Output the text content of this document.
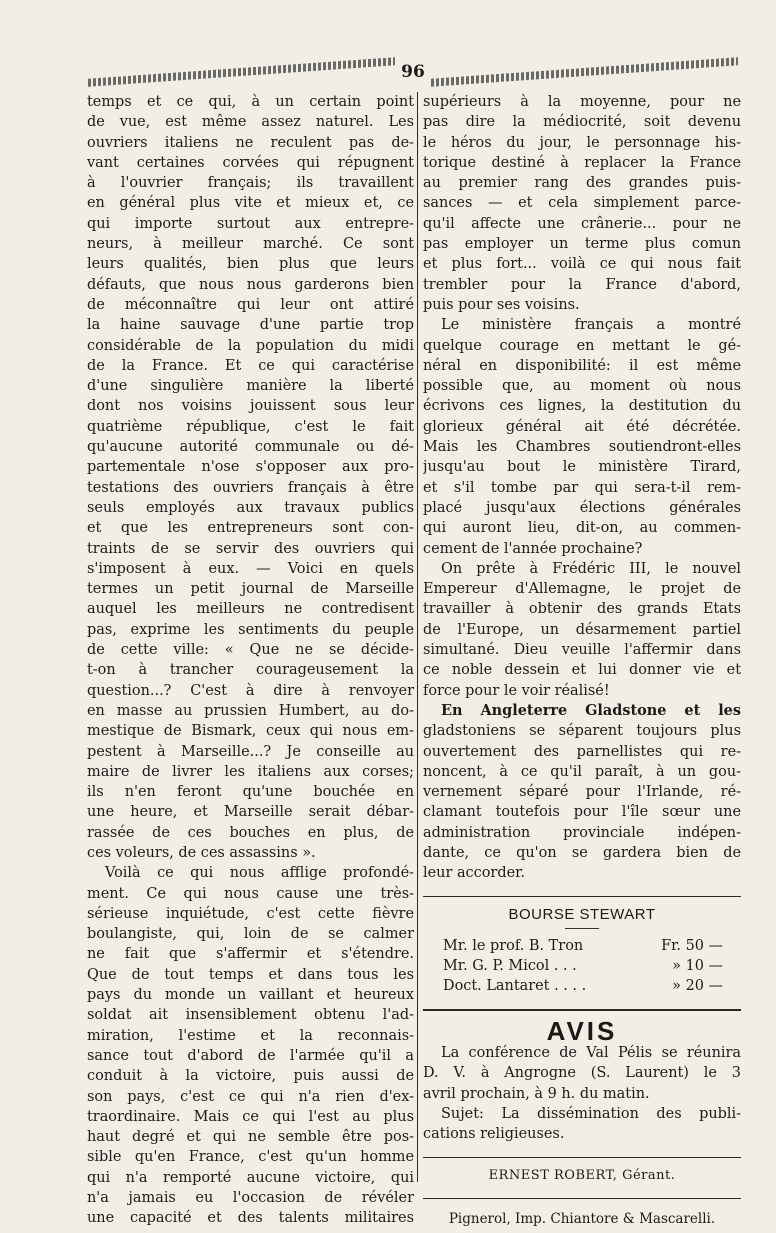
96
temps et ce qui, à un certain point
de vue, est même assez naturel. Les
ouvriers italiens ne reculent pas de-
vant certaines corvées qui répugnent
à l'ouvrier français; ils travaillent
en général plus vite et mieux et, ce
qui importe surtout aux entrepre-
neurs, à meilleur marché. Ce sont
leurs qualités, bien plus que leurs
défauts, que nous nous garderons bien
de méconnaître qui leur ont attiré
la haine sauvage d'une partie trop
considérable de la population du midi
de la France. Et ce qui caractérise
d'une singulière manière la liberté
dont nos voisins jouissent sous leur
quatrième république, c'est le fait
qu'aucune autorité communale ou dé-
partementale n'ose s'opposer aux pro-
testations des ouvriers français à être
seuls employés aux travaux publics
et que les entrepreneurs sont con-
traints de se servir des ouvriers qui
s'imposent à eux. — Voici en quels
termes un petit journal de Marseille
auquel les meilleurs ne contredisent
pas, exprime les sentiments du peuple
de cette ville: « Que ne se décide-
t-on à trancher courageusement la
question...? C'est à dire à renvoyer
en masse au prussien Humbert, au do-
mestique de Bismark, ceux qui nous em-
pestent à Marseille...? Je conseille au
maire de livrer les italiens aux corses;
ils n'en feront qu'une bouchée en
une heure, et Marseille serait débar-
rassée de ces bouches en plus, de
ces voleurs, de ces assassins ».
Voilà ce qui nous afflige profondé-
ment. Ce qui nous cause une très-
sérieuse inquiétude, c'est cette fièvre
boulangiste, qui, loin de se calmer
ne fait que s'affermir et s'étendre.
Que de tout temps et dans tous les
pays du monde un vaillant et heureux
soldat ait insensiblement obtenu l'ad-
miration, l'estime et la reconnais-
sance tout d'abord de l'armée qu'il a
conduit à la victoire, puis aussi de
son pays, c'est ce qui n'a rien d'ex-
traordinaire. Mais ce qui l'est au plus
haut degré et qui ne semble être pos-
sible qu'en France, c'est qu'un homme
qui n'a remporté aucune victoire, qui
n'a jamais eu l'occasion de révéler
une capacité et des talents militaires
supérieurs à la moyenne, pour ne
pas dire la médiocrité, soit devenu
le héros du jour, le personnage his-
torique destiné à replacer la France
au premier rang des grandes puis-
sances — et cela simplement parce-
qu'il affecte une crânerie... pour ne
pas employer un terme plus comun
et plus fort... voilà ce qui nous fait
trembler pour la France d'abord,
puis pour ses voisins.
Le ministère français a montré
quelque courage en mettant le gé-
néral en disponibilité: il est même
possible que, au moment où nous
écrivons ces lignes, la destitution du
glorieux général ait été décrétée.
Mais les Chambres soutiendront-elles
jusqu'au bout le ministère Tirard,
et s'il tombe par qui sera-t-il rem-
placé jusqu'aux élections générales
qui auront lieu, dit-on, au commen-
cement de l'année prochaine?
On prête à Frédéric III, le nouvel
Empereur d'Allemagne, le projet de
travailler à obtenir des grands Etats
de l'Europe, un désarmement partiel
simultané. Dieu veuille l'affermir dans
ce noble dessein et lui donner vie et
force pour le voir réalisé!
En Angleterre Gladstone et les
gladstoniens se séparent toujours plus
ouvertement des parnellistes qui re-
noncent, à ce qu'il paraît, à un gou-
vernement séparé pour l'Irlande, ré-
clamant toutefois pour l'île sœur une
administration provinciale indépen-
dante, ce qu'on se gardera bien de
leur accorder.
BOURSE STEWART
Mr. le prof. B. Tron	Fr. 50 —
Mr. G. P. Micol . . .	» 10 —
Doct. Lantaret . . . .	» 20 —
AVIS
La conférence de Val Pélis se réunira
D. V. à Angrogne (S. Laurent) le 3
avril prochain, à 9 h. du matin.
Sujet: La dissémination des publi-
cations religieuses.
ERNEST ROBERT, Gérant.
Pignerol, Imp. Chiantore & Mascarelli.
